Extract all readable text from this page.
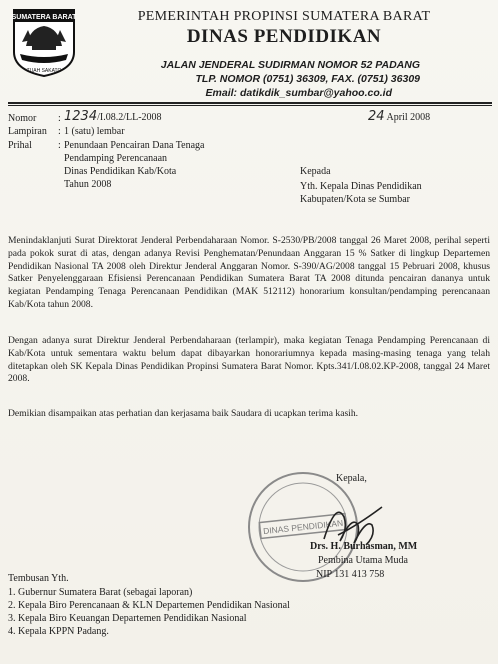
SUMATERA BARAT
TUAH SAKATO
PEMERINTAH PROPINSI SUMATERA BARAT
DINAS PENDIDIKAN
JALAN JENDERAL SUDIRMAN NOMOR 52 PADANG
TLP. NOMOR (0751) 36309, FAX. (0751) 36309
Email: datikdik_sumbar@yahoo.co.id
Nomor	: 1234/I.08.2/LL-2008	24 April 2008
Lampiran	: 1 (satu) lembar
Prihal	: Penundaan Pencairan Dana Tenaga
Pendamping Perencanaan
Dinas Pendidikan Kab/Kota
Tahun 2008
Kepada
Yth. Kepala Dinas Pendidikan
Kabupaten/Kota se Sumbar
Menindaklanjuti Surat Direktorat Jenderal Perbendaharaan Nomor. S-2530/PB/2008 tanggal 26 Maret 2008, perihal seperti pada pokok surat di atas, dengan adanya Revisi Penghematan/Penundaan Anggaran 15 % Satker di lingkup Departemen Pendidikan Nasional TA 2008 oleh Direktur Jenderal Anggaran Nomor. S-390/AG/2008 tanggal 15 Pebruari 2008, khusus Satker Penyelenggaraan Efisiensi Perencanaan Pendidikan Sumatera Barat TA 2008 ditunda pencairan dananya untuk kegiatan Pendamping Tenaga Perencanaan Pendidikan (MAK 512112) honorarium konsultan/pendamping perencanaan Kab/Kota tahun 2008.
Dengan adanya surat Direktur Jenderal Perbendaharaan (terlampir), maka kegiatan Tenaga Pendamping Perencanaan di Kab/Kota untuk sementara waktu belum dapat dibayarkan honorariumnya kepada masing-masing tenaga yang telah ditetapkan oleh SK Kepala Dinas Pendidikan Propinsi Sumatera Barat Nomor. Kpts.341/I.08.02.KP-2008, tanggal 24 Maret 2008.
Demikian disampaikan atas perhatian dan kerjasama baik Saudara di ucapkan terima kasih.
DINAS PENDIDIKAN
Kepala,
Drs. H. Burhasman, MM
Pembina Utama Muda
NIP 131 413 758
Tembusan Yth.
1. Gubernur Sumatera Barat (sebagai laporan)
2. Kepala Biro Perencanaan & KLN Departemen Pendidikan Nasional
3. Kepala Biro Keuangan Departemen Pendidikan Nasional
4. Kepala KPPN Padang.
